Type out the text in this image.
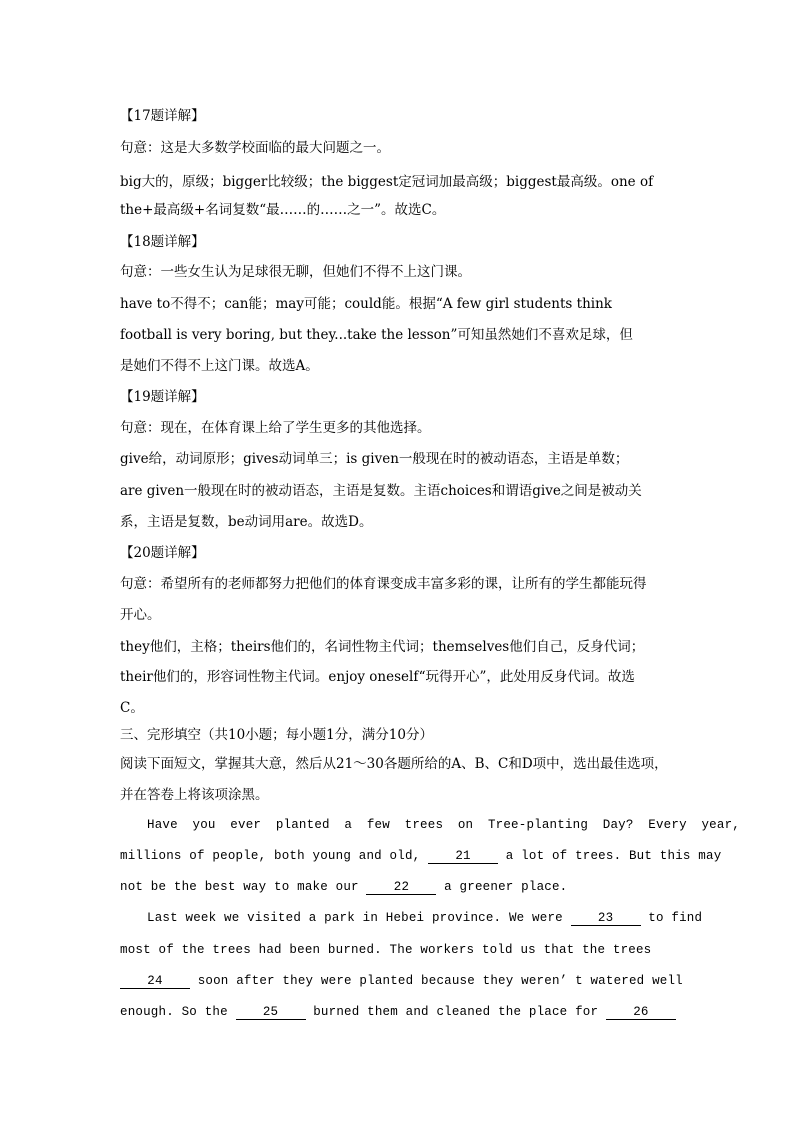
【17题详解】
句意：这是大多数学校面临的最大问题之一。
big大的，原级；bigger比较级；the biggest定冠词加最高级；biggest最高级。one of
the+最高级+名词复数“最……的……之一”。故选C。
【18题详解】
句意：一些女生认为足球很无聊，但她们不得不上这门课。
have to不得不；can能；may可能；could能。根据“A few girl students think
football is very boring, but they...take the lesson”可知虽然她们不喜欢足球，但
是她们不得不上这门课。故选A。
【19题详解】
句意：现在，在体育课上给了学生更多的其他选择。
give给，动词原形；gives动词单三；is given一般现在时的被动语态，主语是单数；
are given一般现在时的被动语态，主语是复数。主语choices和谓语give之间是被动关
系，主语是复数，be动词用are。故选D。
【20题详解】
句意：希望所有的老师都努力把他们的体育课变成丰富多彩的课，让所有的学生都能玩得
开心。
they他们，主格；theirs他们的，名词性物主代词；themselves他们自己，反身代词；
their他们的，形容词性物主代词。enjoy oneself“玩得开心”，此处用反身代词。故选
C。
三、完形填空（共10小题；每小题1分，满分10分）
阅读下面短文，掌握其大意，然后从21～30各题所给的A、B、C和D项中，选出最佳选项，
并在答卷上将该项涂黑。
Have you ever planted a few trees on Tree-planting Day? Every year,
millions of people, both young and old,	21	a lot of trees. But this may
not be the best way to make our	22	a greener place.
Last week we visited a park in Hebei province. We were	23	to find
most of the trees had been burned. The workers told us that the trees
24	soon after they were planted because they weren’ t watered well
enough. So the	25	burned them and cleaned the place for	26
